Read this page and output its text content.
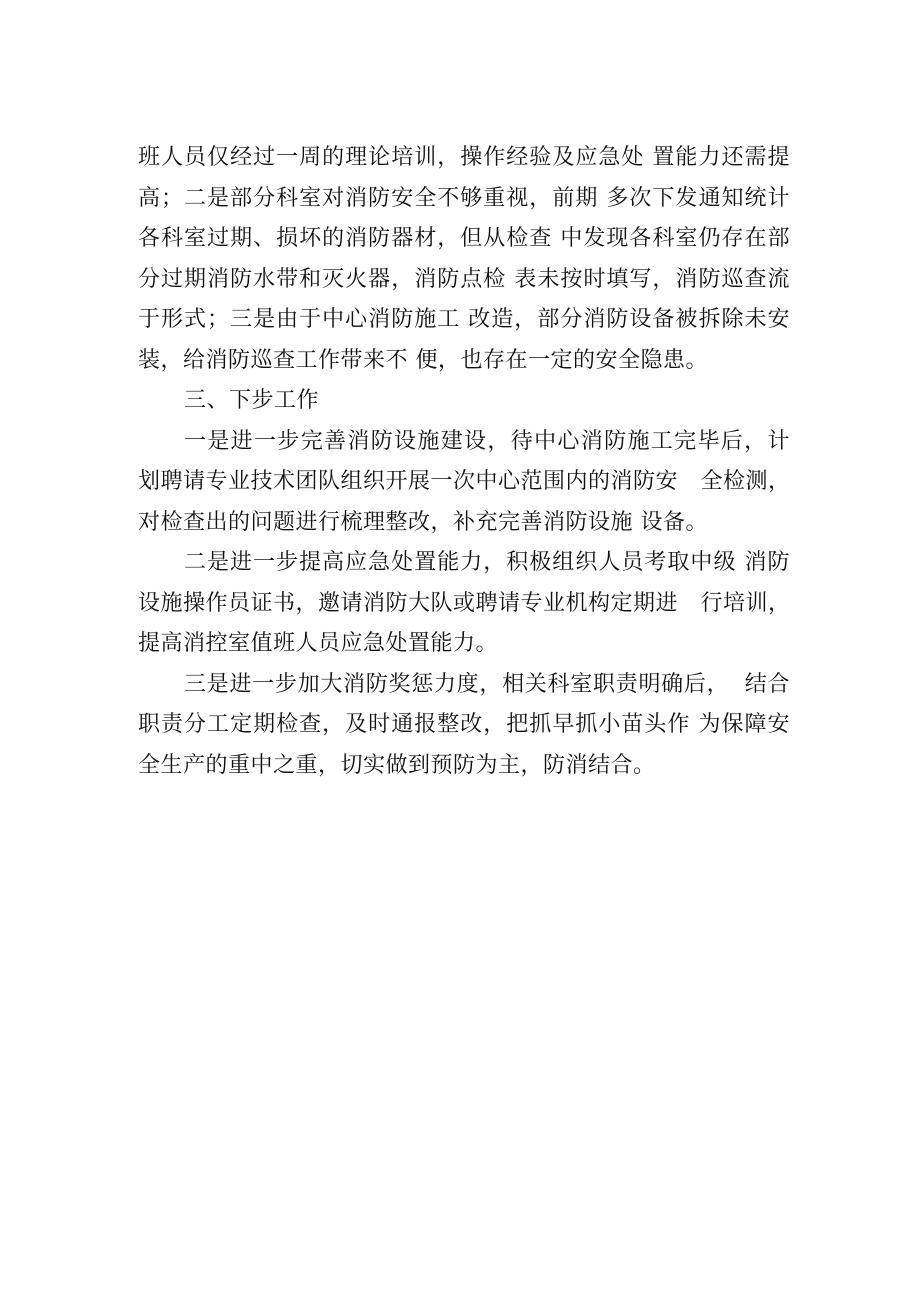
班人员仅经过一周的理论培训，操作经验及应急处 置能力还需提
高；二是部分科室对消防安全不够重视，前期 多次下发通知统计
各科室过期、损坏的消防器材，但从检查 中发现各科室仍存在部
分过期消防水带和灭火器，消防点检 表未按时填写，消防巡查流
于形式；三是由于中心消防施工 改造，部分消防设备被拆除未安
装，给消防巡查工作带来不 便，也存在一定的安全隐患。
三、下步工作
一是进一步完善消防设施建设，待中心消防施工完毕后，计
划聘请专业技术团队组织开展一次中心范围内的消防安   全检测，
对检查出的问题进行梳理整改，补充完善消防设施 设备。
二是进一步提高应急处置能力，积极组织人员考取中级 消防
设施操作员证书，邀请消防大队或聘请专业机构定期进   行培训，
提高消控室值班人员应急处置能力。
三是进一步加大消防奖惩力度，相关科室职责明确后，  结合
职责分工定期检查，及时通报整改，把抓早抓小苗头作 为保障安
全生产的重中之重，切实做到预防为主，防消结合。
